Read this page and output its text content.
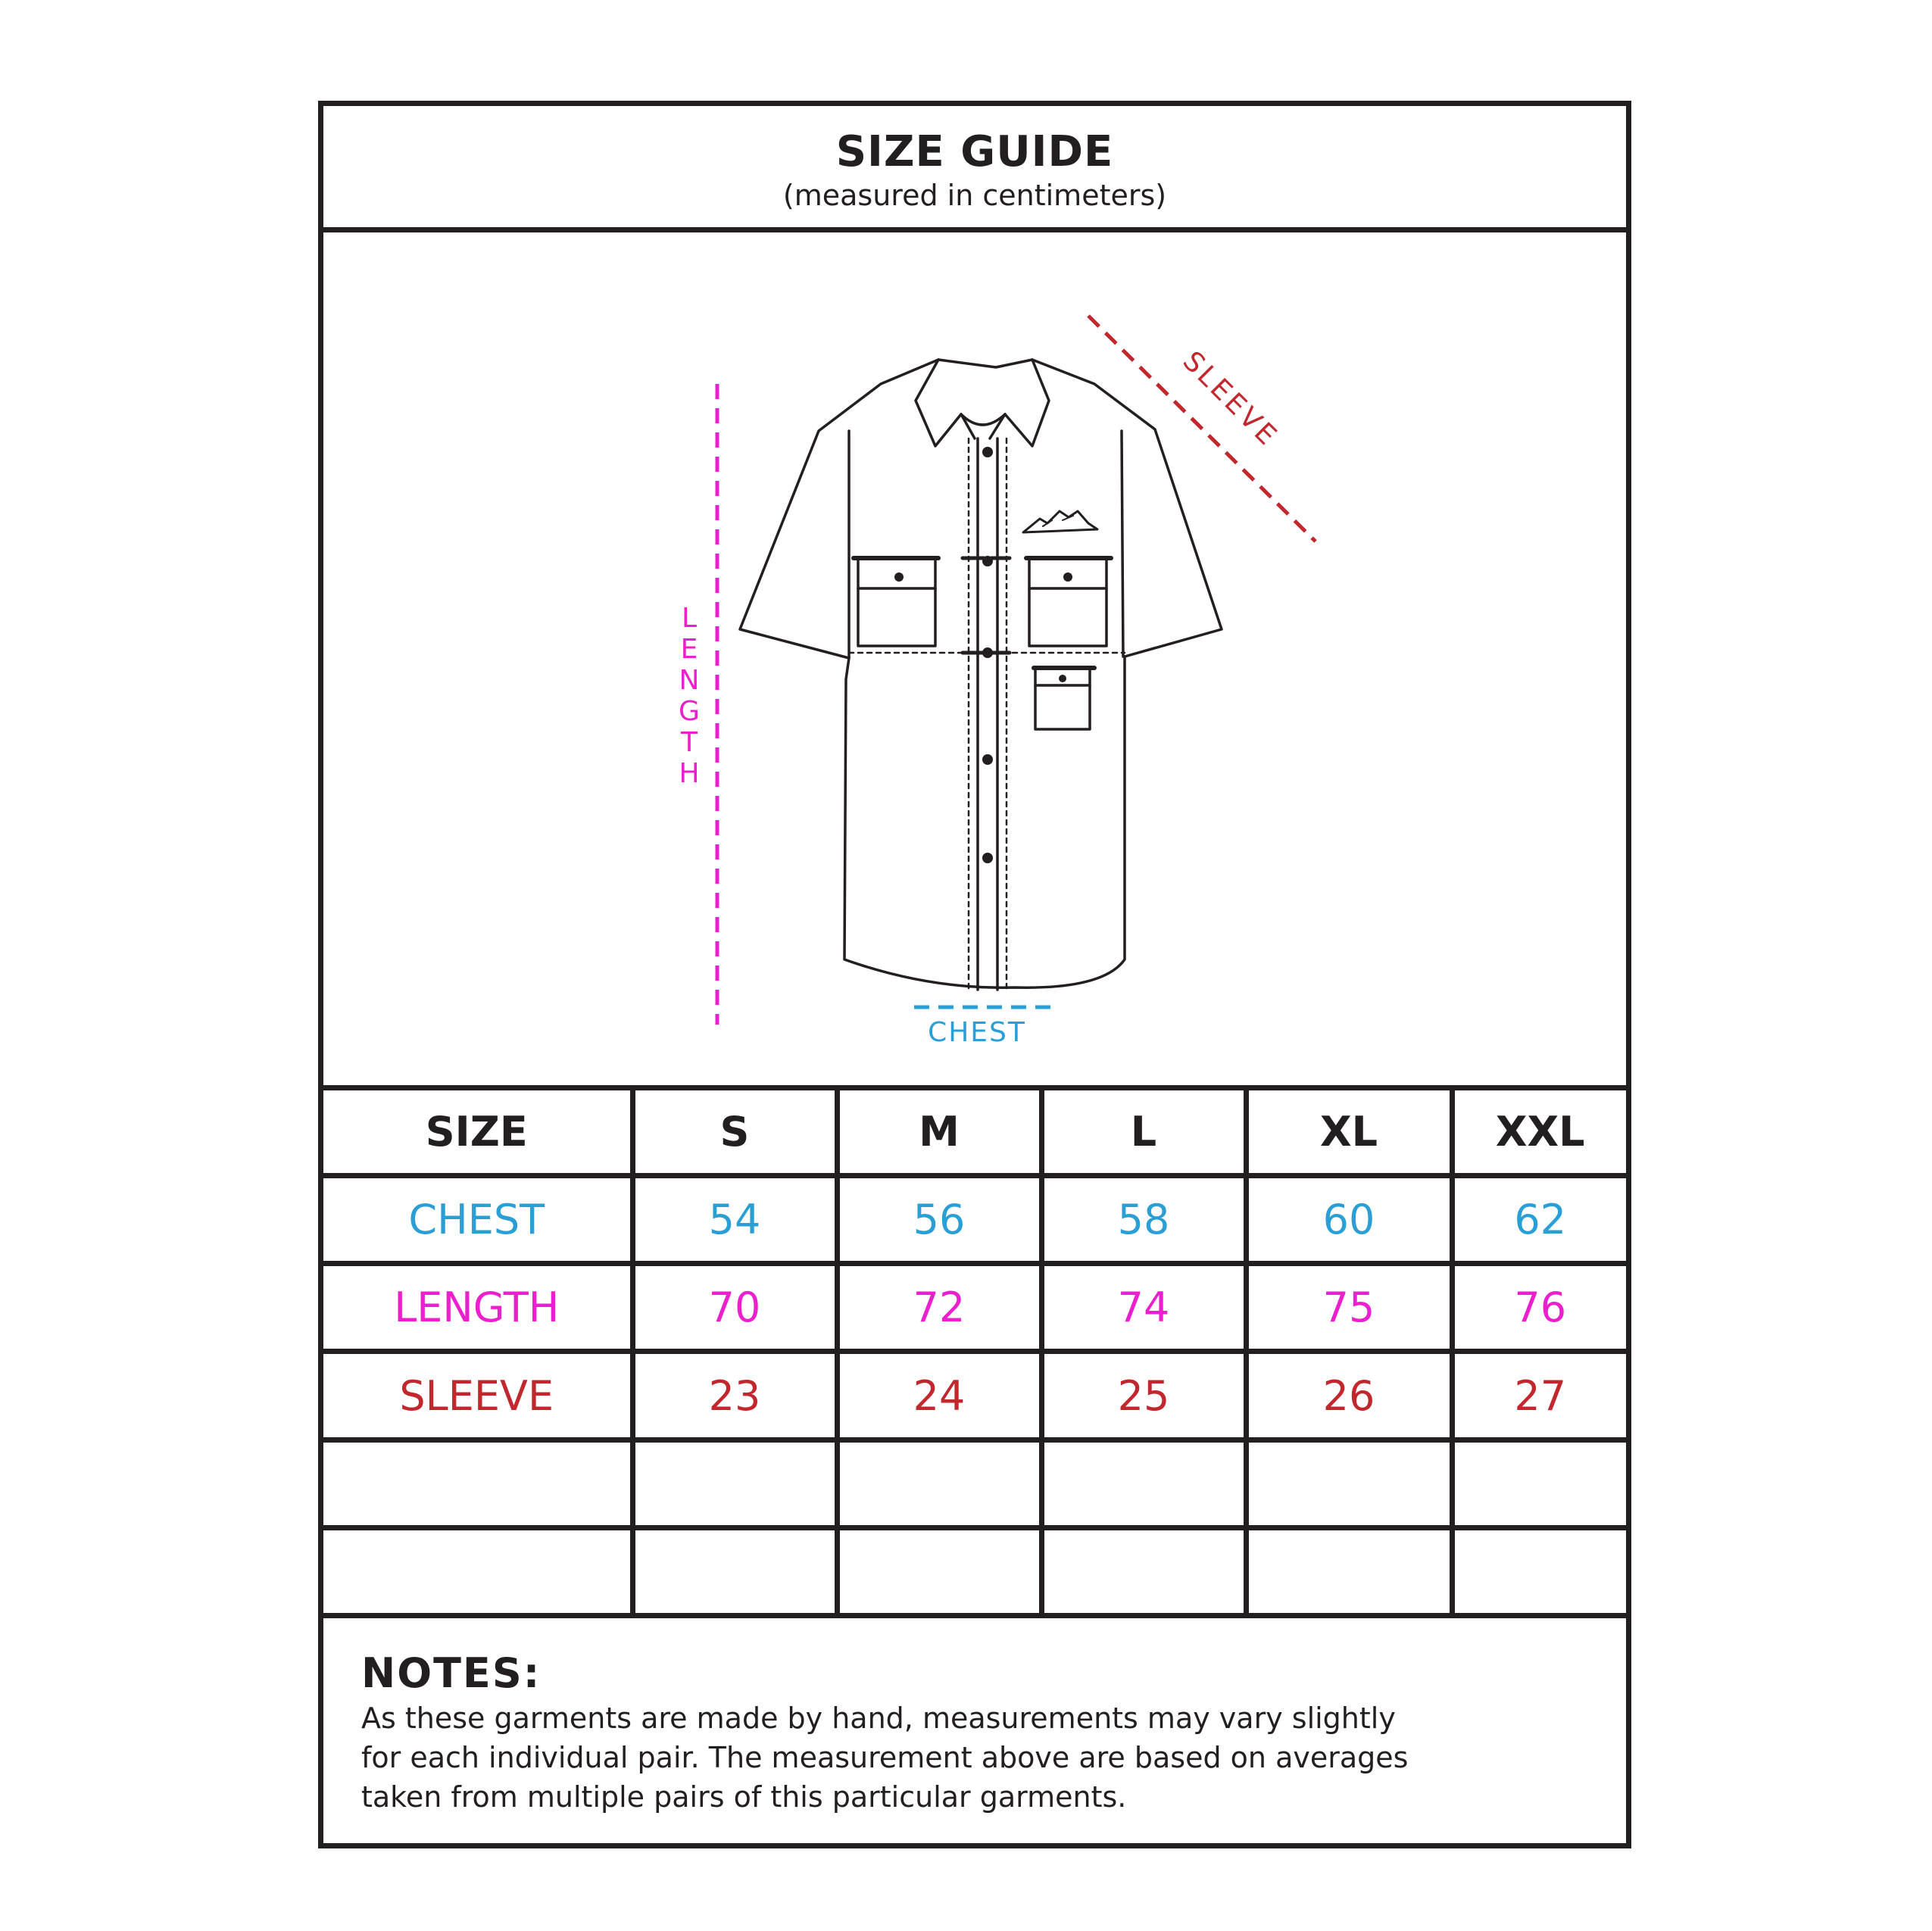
SIZE GUIDE
(measured in centimeters)
SLEEVE
L
E
N
G
T
H
CHEST
SIZE	S	M	L	XL	XXL
CHEST	54	56	58	60	62
LENGTH	70	72	74	75	76
SLEEVE	23	24	25	26	27

NOTES:
As these garments are made by hand, measurements may vary slightly for each individual pair. The measurement above are based on averages taken from multiple pairs of this particular garments.
